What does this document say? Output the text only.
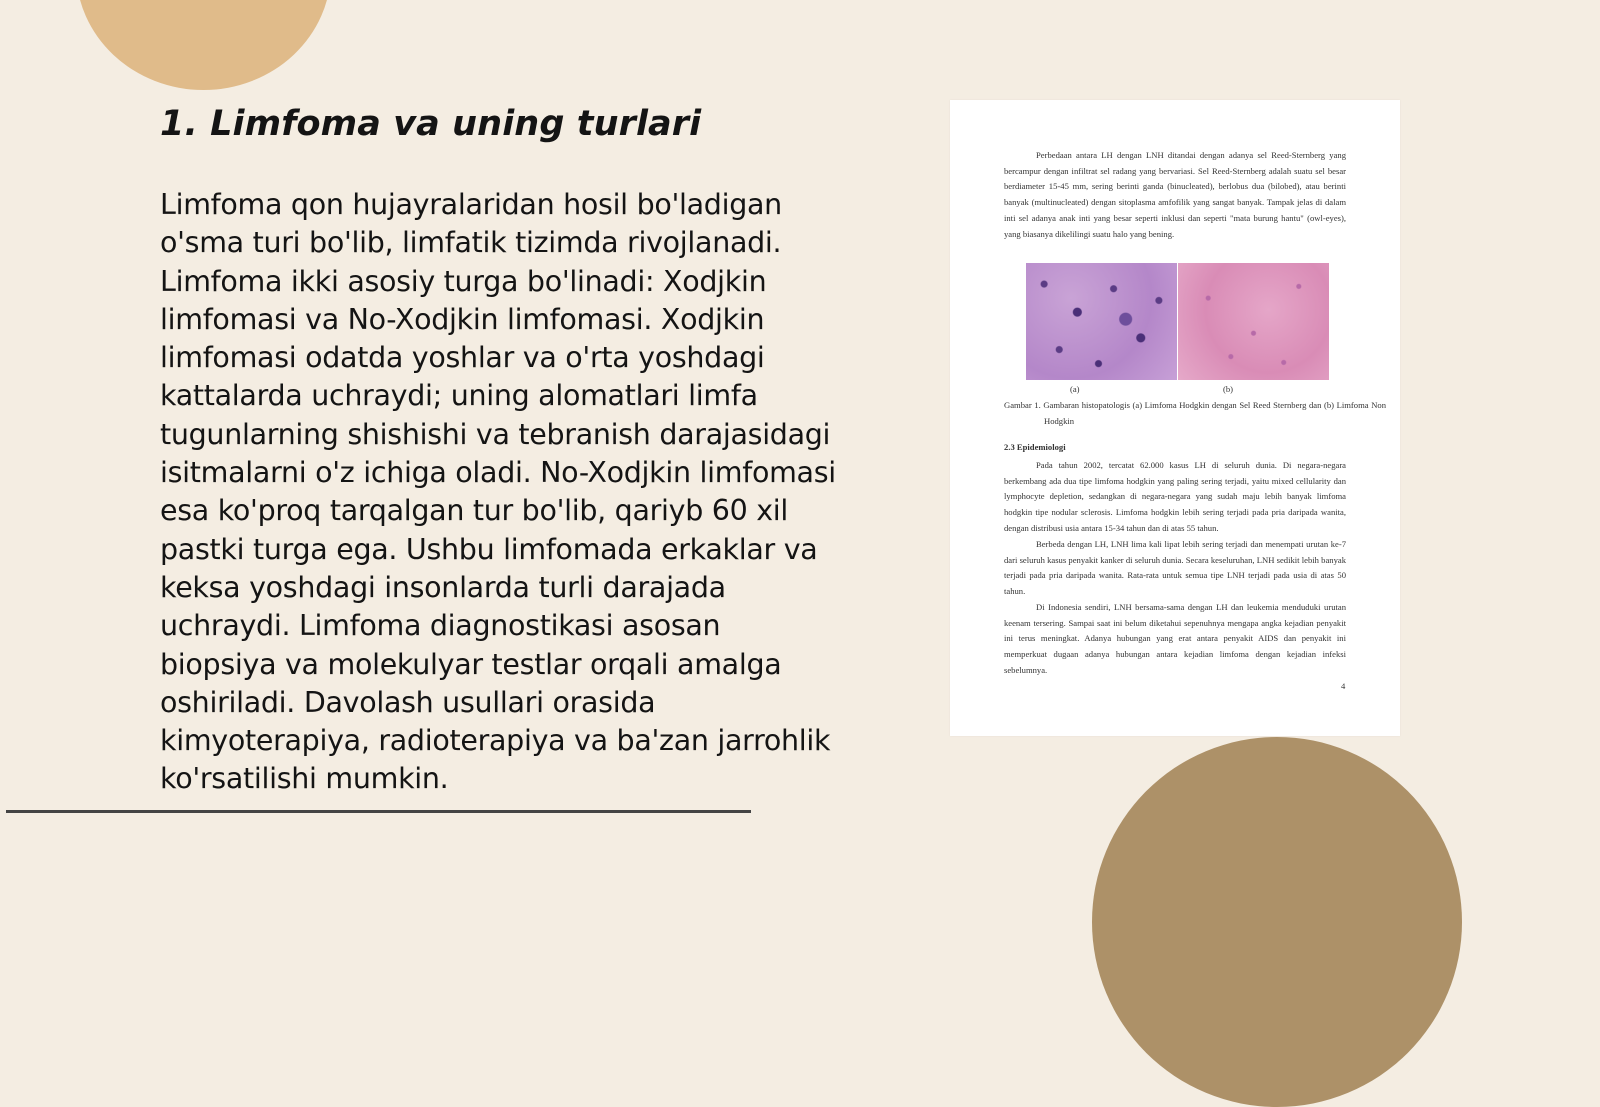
1. Limfoma va uning turlari

Limfoma qon hujayralaridan hosil bo'ladigan o'sma turi bo'lib, limfatik tizimda rivojlanadi. Limfoma ikki asosiy turga bo'linadi: Xodjkin limfomasi va No-Xodjkin limfomasi. Xodjkin limfomasi odatda yoshlar va o'rta yoshdagi kattalarda uchraydi; uning alomatlari limfa tugunlarning shishishi va tebranish darajasidagi isitmalarni o'z ichiga oladi. No-Xodjkin limfomasi esa ko'proq tarqalgan tur bo'lib, qariyb 60 xil pastki turga ega. Ushbu limfomada erkaklar va keksa yoshdagi insonlarda turli darajada uchraydi. Limfoma diagnostikasi asosan biopsiya va molekulyar testlar orqali amalga oshiriladi. Davolash usullari orasida kimyoterapiya, radioterapiya va ba'zan jarrohlik ko'rsatilishi mumkin.

Perbedaan antara LH dengan LNH ditandai dengan adanya sel Reed-Sternberg yang bercampur dengan infiltrat sel radang yang bervariasi. Sel Reed-Sternberg adalah suatu sel besar berdiameter 15-45 mm, sering berinti ganda (binucleated), berlobus dua (bilobed), atau berinti banyak (multinucleated) dengan sitoplasma amfofilik yang sangat banyak. Tampak jelas di dalam inti sel adanya anak inti yang besar seperti inklusi dan seperti "mata burung hantu" (owl-eyes), yang biasanya dikelilingi suatu halo yang bening.

(a)	(b)

Gambar 1. Gambaran histopatologis (a) Limfoma Hodgkin dengan Sel Reed Sternberg dan (b) Limfoma Non Hodgkin

2.3 Epidemiologi

Pada tahun 2002, tercatat 62.000 kasus LH di seluruh dunia. Di negara-negara berkembang ada dua tipe limfoma hodgkin yang paling sering terjadi, yaitu mixed cellularity dan lymphocyte depletion, sedangkan di negara-negara yang sudah maju lebih banyak limfoma hodgkin tipe nodular sclerosis. Limfoma hodgkin lebih sering terjadi pada pria daripada wanita, dengan distribusi usia antara 15-34 tahun dan di atas 55 tahun.

Berbeda dengan LH, LNH lima kali lipat lebih sering terjadi dan menempati urutan ke-7 dari seluruh kasus penyakit kanker di seluruh dunia. Secara keseluruhan, LNH sedikit lebih banyak terjadi pada pria daripada wanita. Rata-rata untuk semua tipe LNH terjadi pada usia di atas 50 tahun.

Di Indonesia sendiri, LNH bersama-sama dengan LH dan leukemia menduduki urutan keenam tersering. Sampai saat ini belum diketahui sepenuhnya mengapa angka kejadian penyakit ini terus meningkat. Adanya hubungan yang erat antara penyakit AIDS dan penyakit ini memperkuat dugaan adanya hubungan antara kejadian limfoma dengan kejadian infeksi sebelumnya.

4
